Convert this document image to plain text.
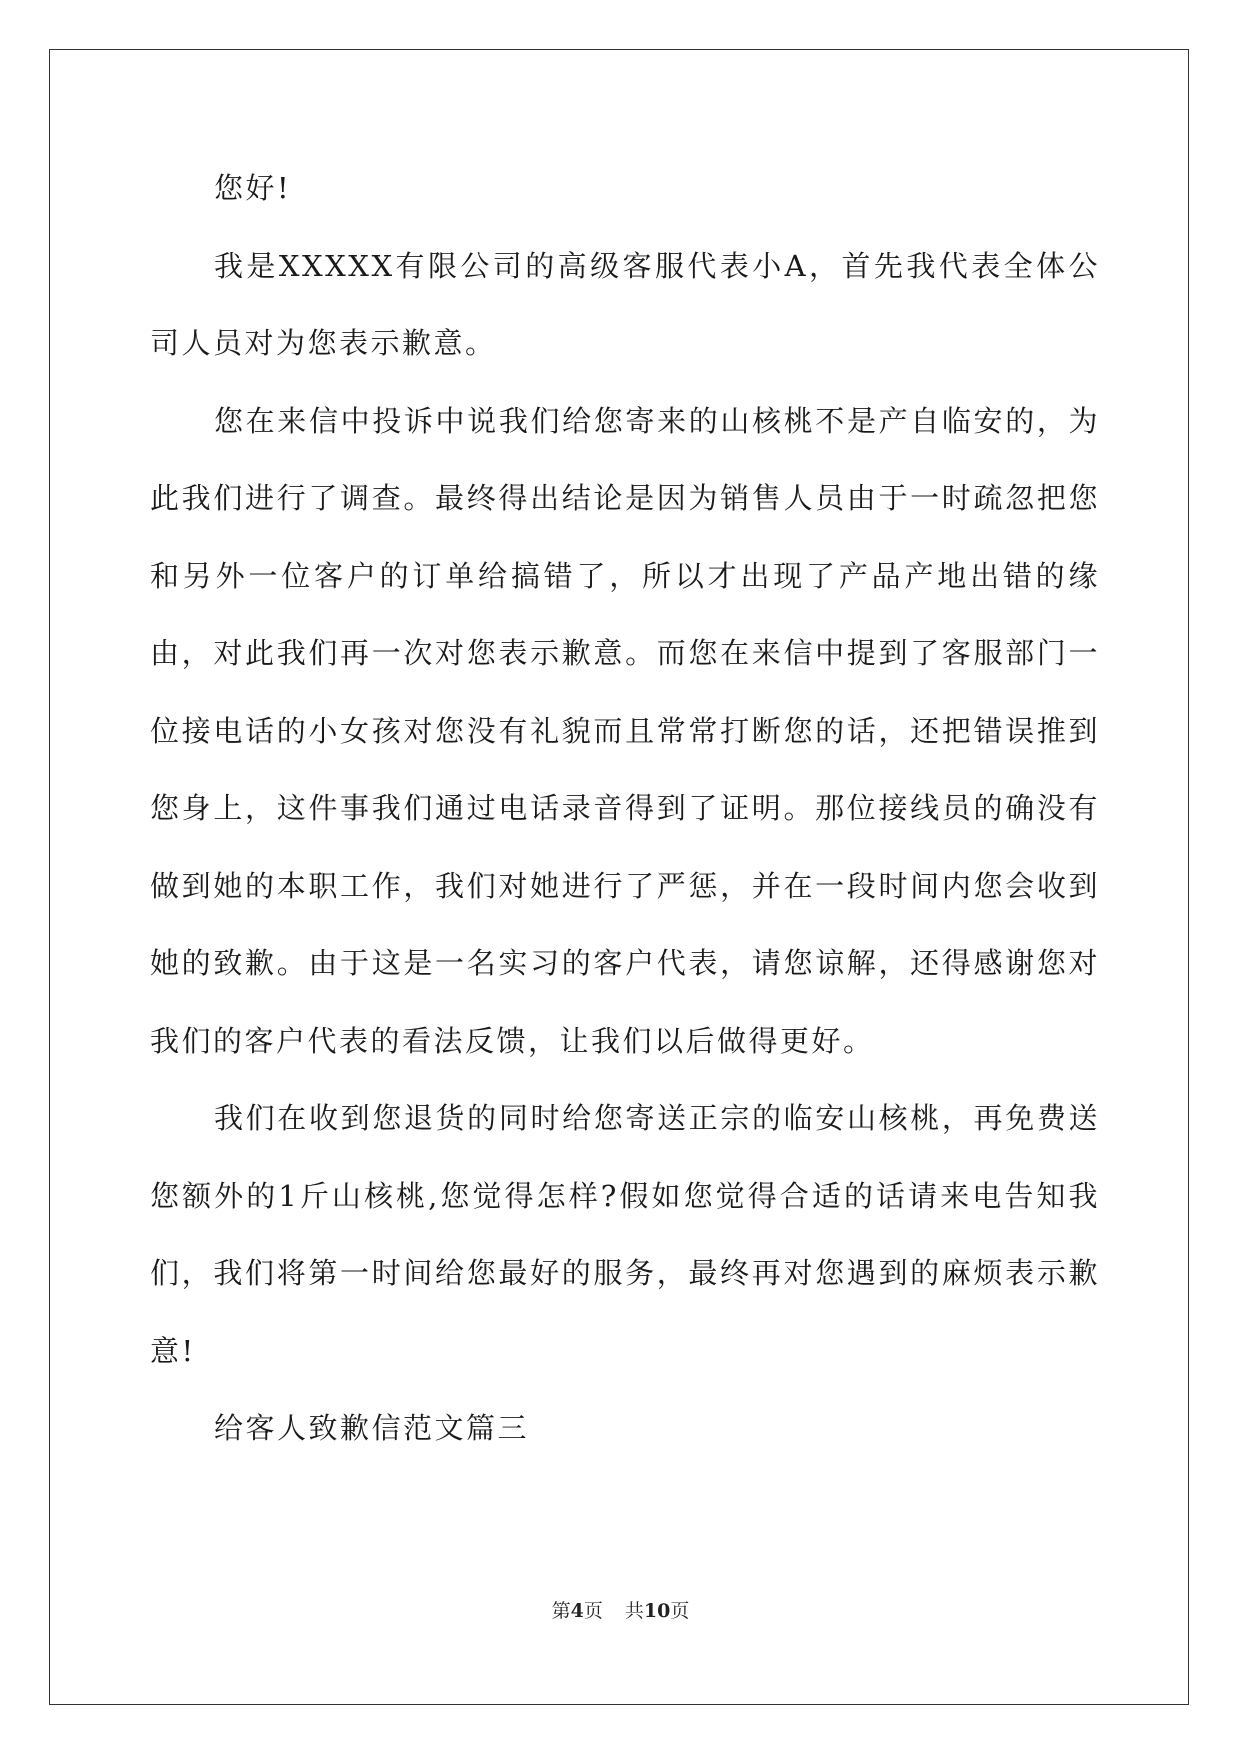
您好!

我是XXXXX有限公司的高级客服代表小A，首先我代表全体公司人员对为您表示歉意。

您在来信中投诉中说我们给您寄来的山核桃不是产自临安的，为此我们进行了调查。最终得出结论是因为销售人员由于一时疏忽把您和另外一位客户的订单给搞错了，所以才出现了产品产地出错的缘由，对此我们再一次对您表示歉意。而您在来信中提到了客服部门一位接电话的小女孩对您没有礼貌而且常常打断您的话，还把错误推到您身上，这件事我们通过电话录音得到了证明。那位接线员的确没有做到她的本职工作，我们对她进行了严惩，并在一段时间内您会收到她的致歉。由于这是一名实习的客户代表，请您谅解，还得感谢您对我们的客户代表的看法反馈，让我们以后做得更好。

我们在收到您退货的同时给您寄送正宗的临安山核桃，再免费送您额外的1斤山核桃,您觉得怎样?假如您觉得合适的话请来电告知我们，我们将第一时间给您最好的服务，最终再对您遇到的麻烦表示歉意!

给客人致歉信范文篇三

第4页 共10页
